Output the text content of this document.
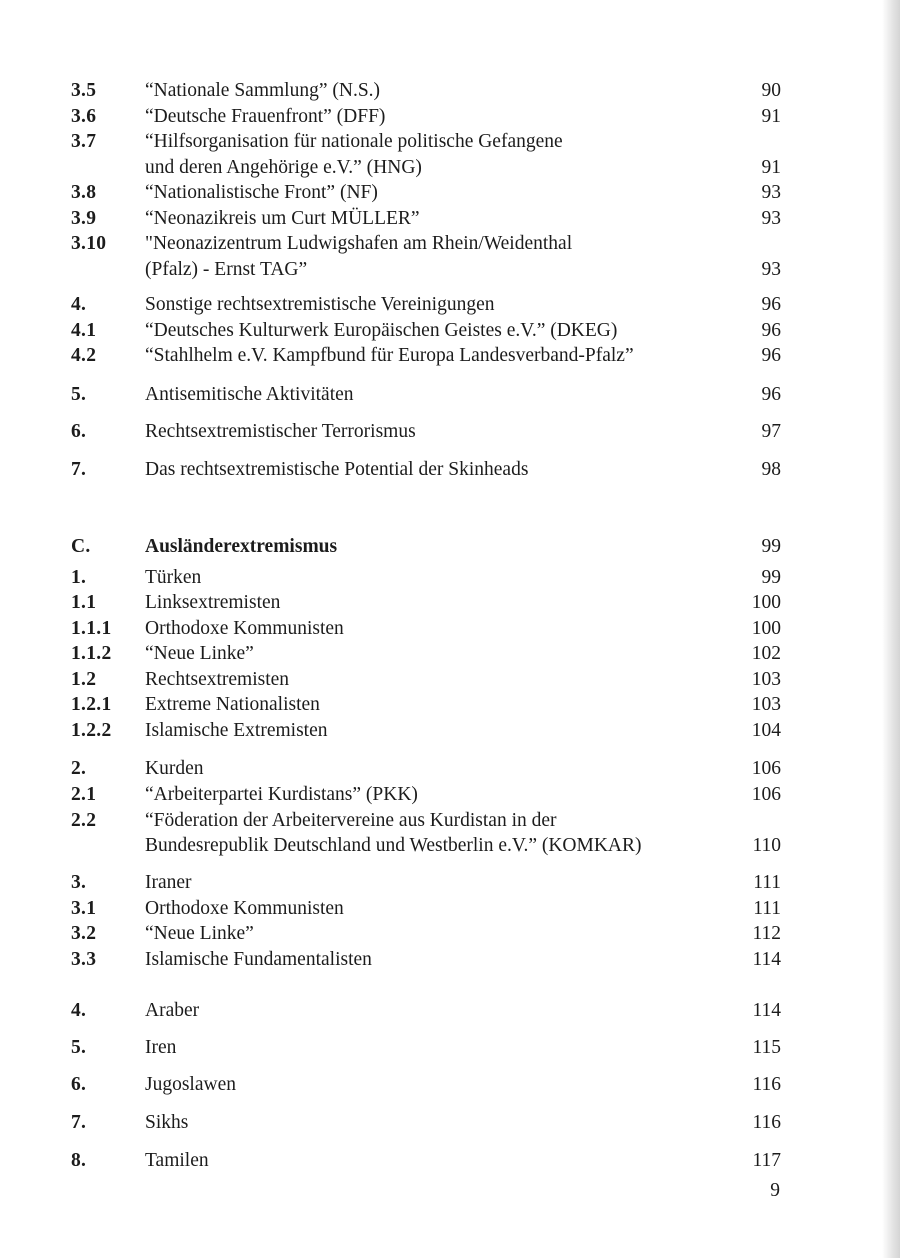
3.5 “Nationale Sammlung” (N.S.)	90
3.6 “Deutsche Frauenfront” (DFF)	91
3.7 “Hilfsorganisation für nationale politische Gefangene
und deren Angehörige e.V.” (HNG)	91
3.8 “Nationalistische Front” (NF)	93
3.9 “Neonazikreis um Curt MÜLLER”	93
3.10 "Neonazizentrum Ludwigshafen am Rhein/Weidenthal
(Pfalz) - Ernst TAG”	93
4.	Sonstige rechtsextremistische Vereinigungen	96
4.1 “Deutsches Kulturwerk Europäischen Geistes e.V.” (DKEG)	96
4.2 “Stahlhelm e.V. Kampfbund für Europa Landesverband-Pfalz”	96
5.	Antisemitische Aktivitäten	96
6.	Rechtsextremistischer Terrorismus	97
7.	Das rechtsextremistische Potential der Skinheads	98
C.	Ausländerextremismus	99
1.	Türken	99
1.1 Linksextremisten	100
1.1.1 Orthodoxe Kommunisten	100
1.1.2 “Neue Linke”	102
1.2 Rechtsextremisten	103
1.2.1 Extreme Nationalisten	103
1.2.2 Islamische Extremisten	104
2.	Kurden	106
2.1 “Arbeiterpartei Kurdistans” (PKK)	106
2.2 “Föderation der Arbeitervereine aus Kurdistan in der
Bundesrepublik Deutschland und Westberlin e.V.” (KOMKAR)	110
3.	Iraner	111
3.1 Orthodoxe Kommunisten	111
3.2 “Neue Linke”	112
3.3 Islamische Fundamentalisten	114
4.	Araber	114
5.	Iren	115
6.	Jugoslawen	116
7.	Sikhs	116
8.	Tamilen	117
9
